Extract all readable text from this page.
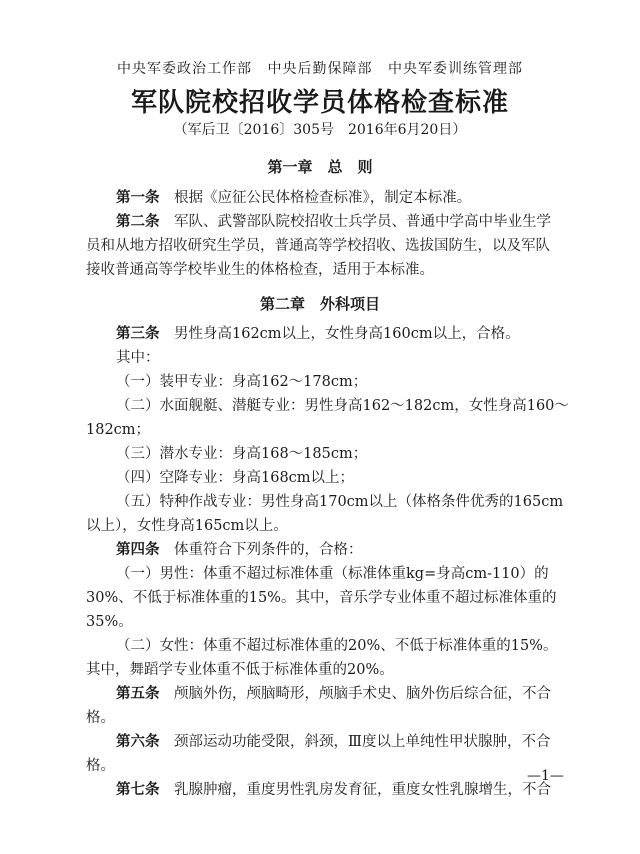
中央军委政治工作部 中央后勤保障部 中央军委训练管理部
军队院校招收学员体格检查标准
（军后卫〔2016〕305号　2016年6月20日）
第一章　总　则
第一条　 根据《应征公民体格检查标准》，制定本标准。
第二条　 军队、武警部队院校招收士兵学员、普通中学高中毕业生学
员和从地方招收研究生学员，普通高等学校招收、选拔国防生，以及军队
接收普通高等学校毕业生的体格检查，适用于本标准。
第二章　外科项目
第三条　 男性身高162cm以上，女性身高160cm以上，合格。
其中：
（一）装甲专业：身高162～178cm；
（二）水面舰艇、潜艇专业：男性身高162～182cm，女性身高160～
182cm；
（三）潜水专业：身高168～185cm；
（四）空降专业：身高168cm以上；
（五）特种作战专业：男性身高170cm以上（体格条件优秀的165cm
以上），女性身高165cm以上。
第四条　 体重符合下列条件的，合格：
（一）男性：体重不超过标准体重（标准体重kg=身高cm-110）的
30%、不低于标准体重的15%。其中，音乐学专业体重不超过标准体重的
35%。
（二）女性：体重不超过标准体重的20%、不低于标准体重的15%。
其中，舞蹈学专业体重不低于标准体重的20%。
第五条　 颅脑外伤，颅脑畸形，颅脑手术史、脑外伤后综合征，不合
格。
第六条　 颈部运动功能受限，斜颈，Ⅲ度以上单纯性甲状腺肿，不合
格。
第七条　 乳腺肿瘤，重度男性乳房发育征，重度女性乳腺增生，不合
—1—
